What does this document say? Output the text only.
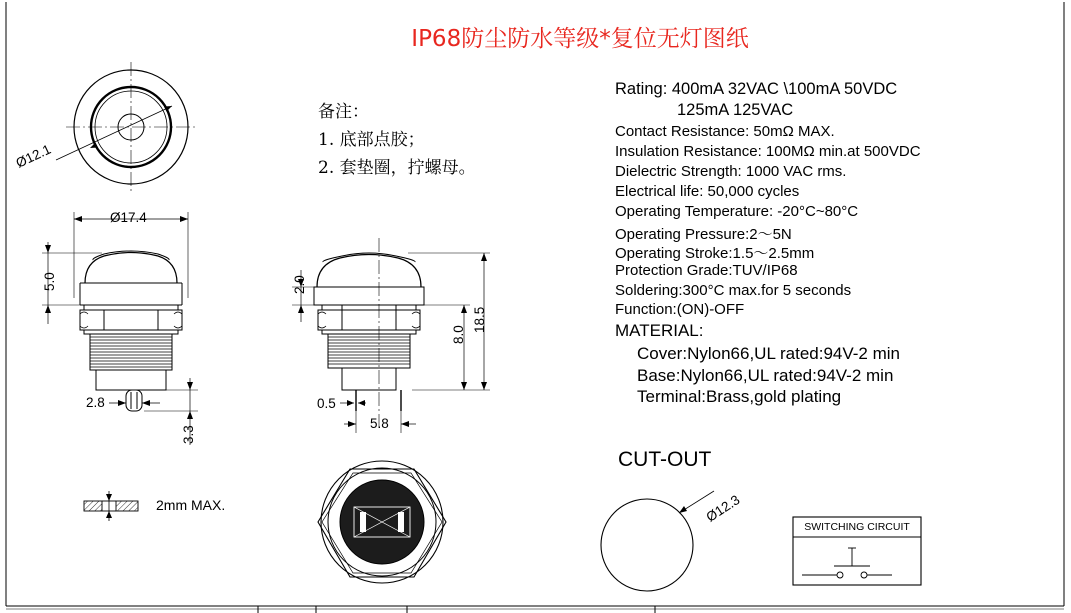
IP68防尘防水等级*复位无灯图纸
备注：
1. 底部点胶；
2. 套垫圈，拧螺母。
Rating: 400mA 32VAC \100mA 50VDC
125mA 125VAC
Contact Resistance: 50mΩ MAX.
Insulation Resistance: 100MΩ min.at 500VDC
Dielectric Strength: 1000 VAC rms.
Electrical life: 50,000 cycles
Operating Temperature: -20°C~80°C
Operating Pressure:2～5N
Operating Stroke:1.5～2.5mm
Protection Grade:TUV/IP68
Soldering:300°C max.for 5 seconds
Function:(ON)-OFF
MATERIAL:
Cover:Nylon66,UL rated:94V-2 min
Base:Nylon66,UL rated:94V-2 min
Terminal:Brass,gold plating
Ø12.1
Ø17.4
5.0
2.8
3.3
2.0
8.0
18.5
0.5
5.8
Ø12.3
2mm MAX.
CUT-OUT
SWITCHING CIRCUIT
